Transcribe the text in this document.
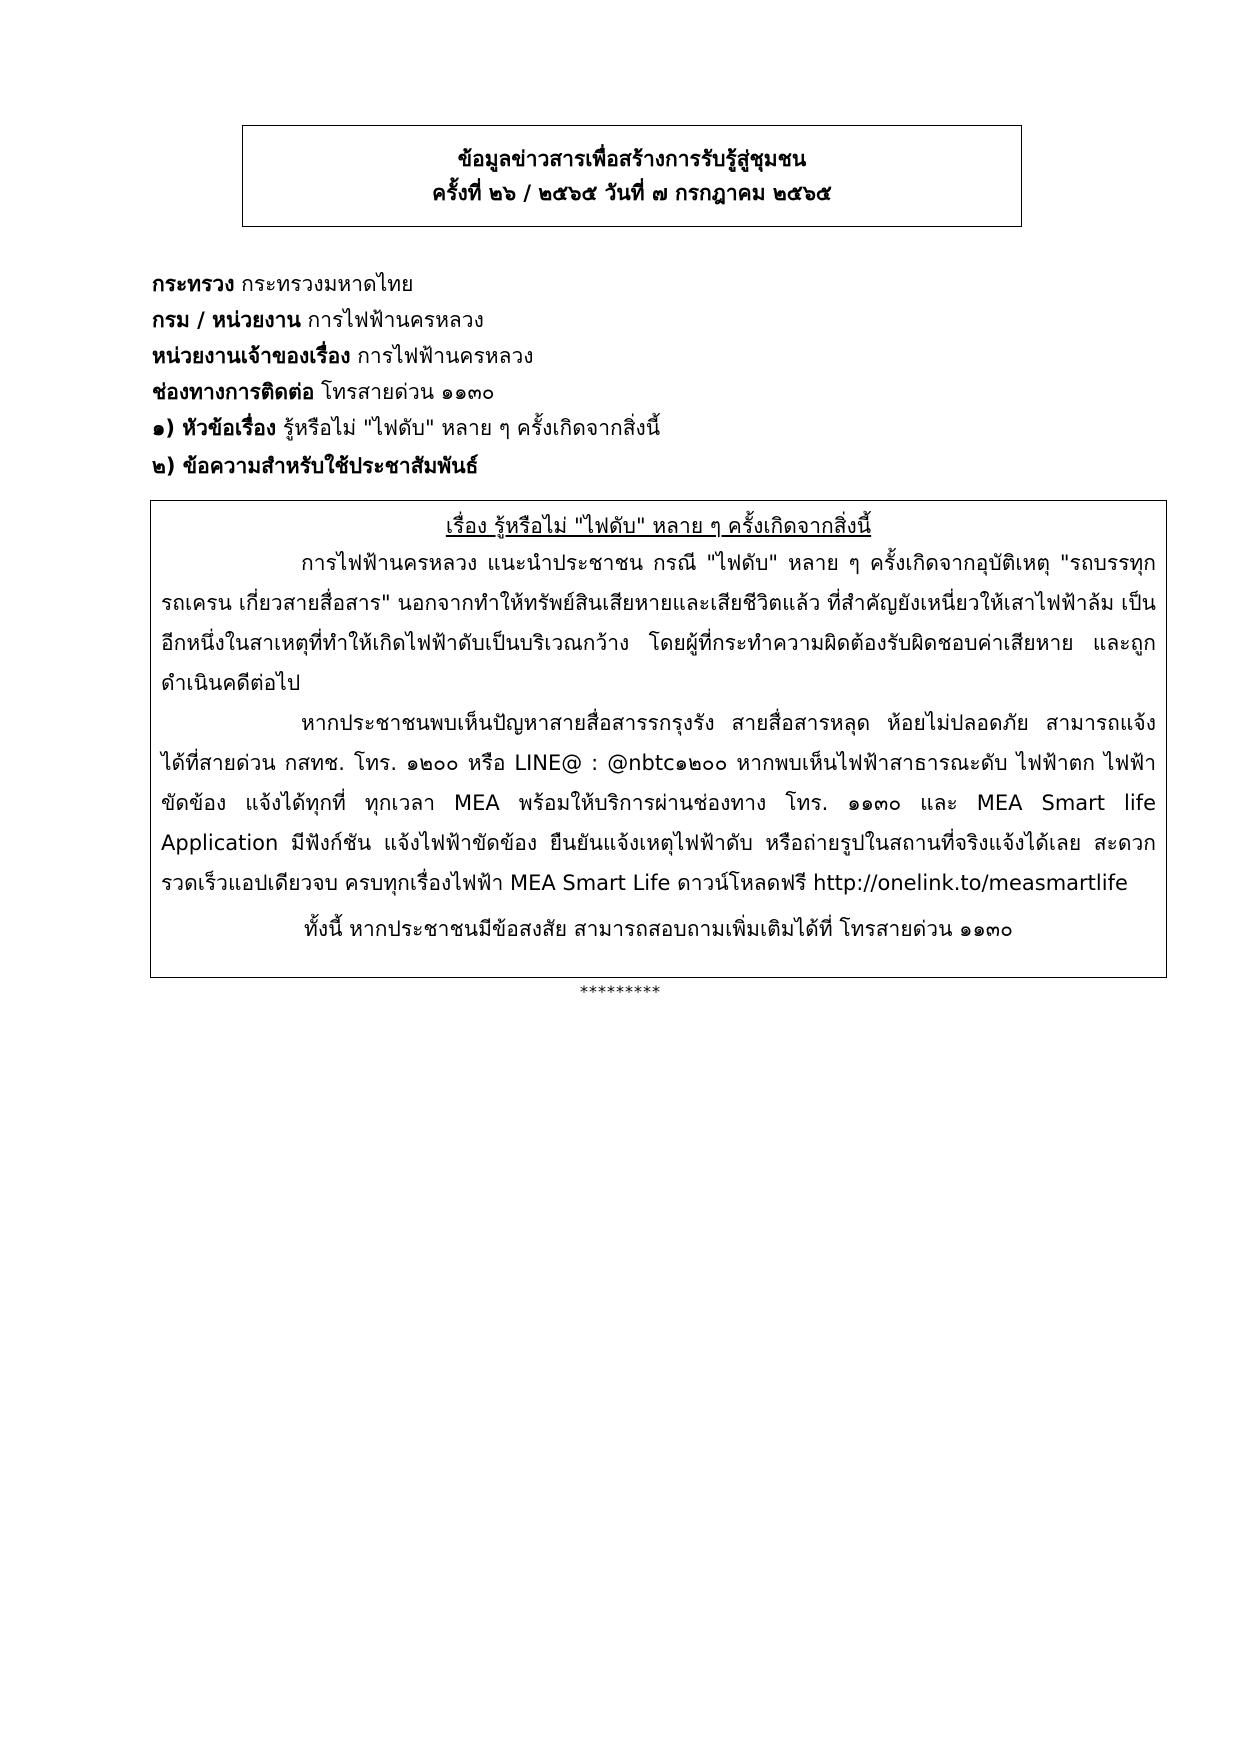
ข้อมูลข่าวสารเพื่อสร้างการรับรู้สู่ชุมชน
ครั้งที่ ๒๖ / ๒๕๖๕ วันที่ ๗ กรกฎาคม ๒๕๖๕
กระทรวง กระทรวงมหาดไทย
กรม / หน่วยงาน การไฟฟ้านครหลวง
หน่วยงานเจ้าของเรื่อง การไฟฟ้านครหลวง
ช่องทางการติดต่อ โทรสายด่วน ๑๑๓๐
๑) หัวข้อเรื่อง รู้หรือไม่ "ไฟดับ" หลาย ๆ ครั้งเกิดจากสิ่งนี้
๒) ข้อความสำหรับใช้ประชาสัมพันธ์
เรื่อง รู้หรือไม่ "ไฟดับ" หลาย ๆ ครั้งเกิดจากสิ่งนี้

การไฟฟ้านครหลวง แนะนำประชาชน กรณี "ไฟดับ" หลาย ๆ ครั้งเกิดจากอุบัติเหตุ "รถบรรทุก รถเครน เกี่ยวสายสื่อสาร" นอกจากทำให้ทรัพย์สินเสียหายและเสียชีวิตแล้ว ที่สำคัญยังเหนี่ยวให้เสาไฟฟ้าล้ม เป็นอีกหนึ่งในสาเหตุที่ทำให้เกิดไฟฟ้าดับเป็นบริเวณกว้าง โดยผู้ที่กระทำความผิดต้องรับผิดชอบค่าเสียหาย และถูกดำเนินคดีต่อไป

หากประชาชนพบเห็นปัญหาสายสื่อสารรกรุงรัง สายสื่อสารหลุด ห้อยไม่ปลอดภัย สามารถแจ้ง ได้ที่สายด่วน กสทช. โทร. ๑๒๐๐ หรือ LINE@ : @nbtc๑๒๐๐ หากพบเห็นไฟฟ้าสาธารณะดับ ไฟฟ้าตก ไฟฟ้าขัดข้อง แจ้งได้ทุกที่ ทุกเวลา MEA พร้อมให้บริการผ่านช่องทาง โทร. ๑๑๓๐ และ MEA Smart life Application มีฟังก์ชัน แจ้งไฟฟ้าขัดข้อง ยืนยันแจ้งเหตุไฟฟ้าดับ หรือถ่ายรูปในสถานที่จริงแจ้งได้เลย สะดวก รวดเร็วแอปเดียวจบ ครบทุกเรื่องไฟฟ้า MEA Smart Life ดาวน์โหลดฟรี http://onelink.to/measmartlife

ทั้งนี้ หากประชาชนมีข้อสงสัย สามารถสอบถามเพิ่มเติมได้ที่ โทรสายด่วน ๑๑๓๐
*********
